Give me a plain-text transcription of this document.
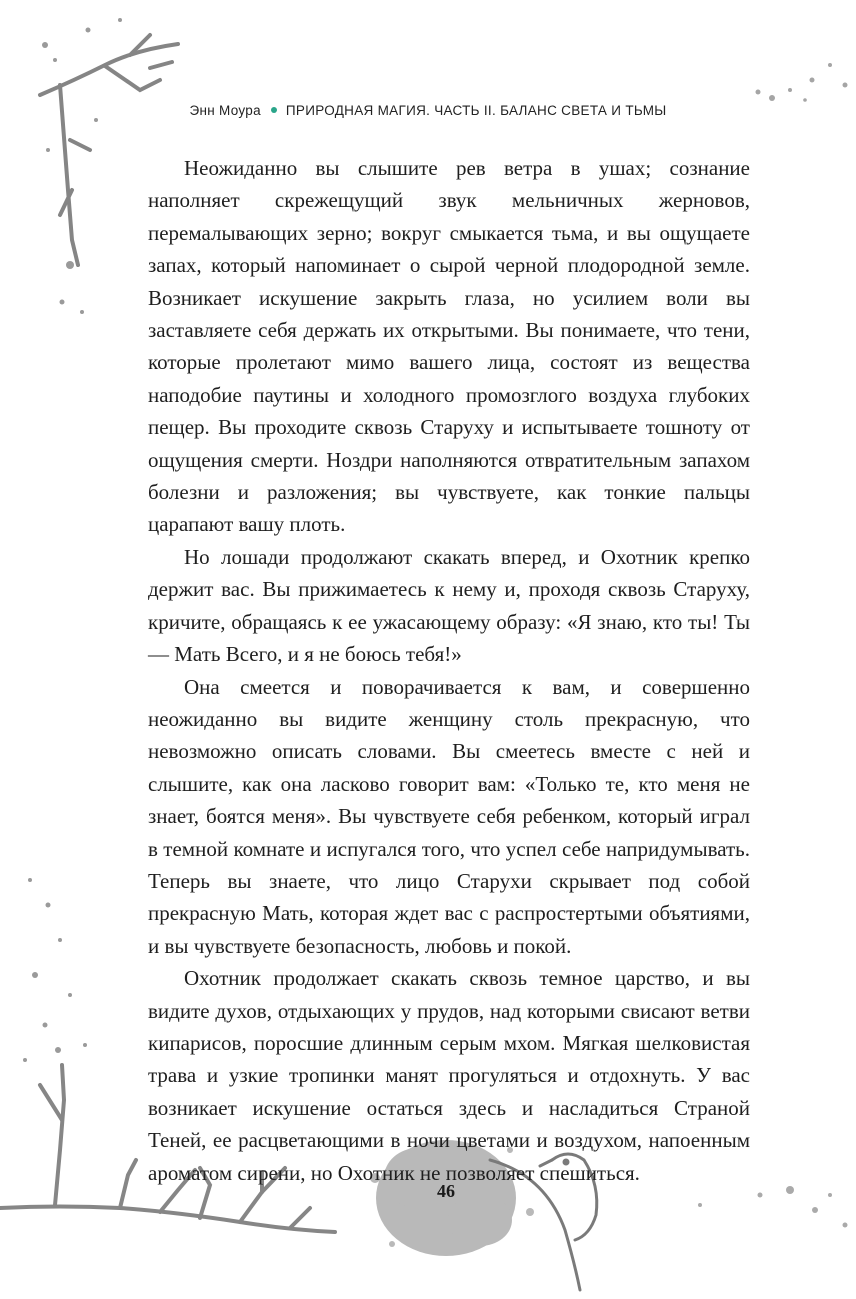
Энн Моура ПРИРОДНАЯ МАГИЯ. ЧАСТЬ II. БАЛАНС СВЕТА И ТЬМЫ

Неожиданно вы слышите рев ветра в ушах; сознание наполняет скрежещущий звук мельничных жерновов, перемалывающих зерно; вокруг смыкается тьма, и вы ощущаете запах, который напоминает о сырой черной плодородной земле. Возникает искушение закрыть глаза, но усилием воли вы заставляете себя держать их открытыми. Вы понимаете, что тени, которые пролетают мимо вашего лица, состоят из вещества наподобие паутины и холодного промозглого воздуха глубоких пещер. Вы проходите сквозь Старуху и испытываете тошноту от ощущения смерти. Ноздри наполняются отвратительным запахом болезни и разложения; вы чувствуете, как тонкие пальцы царапают вашу плоть.

Но лошади продолжают скакать вперед, и Охотник крепко держит вас. Вы прижимаетесь к нему и, проходя сквозь Старуху, кричите, обращаясь к ее ужасающему образу: «Я знаю, кто ты! Ты — Мать Всего, и я не боюсь тебя!»

Она смеется и поворачивается к вам, и совершенно неожиданно вы видите женщину столь прекрасную, что невозможно описать словами. Вы смеетесь вместе с ней и слышите, как она ласково говорит вам: «Только те, кто меня не знает, боятся меня». Вы чувствуете себя ребенком, который играл в темной комнате и испугался того, что успел себе напридумывать. Теперь вы знаете, что лицо Старухи скрывает под собой прекрасную Мать, которая ждет вас с распростертыми объятиями, и вы чувствуете безопасность, любовь и покой.

Охотник продолжает скакать сквозь темное царство, и вы видите духов, отдыхающих у прудов, над которыми свисают ветви кипарисов, поросшие длинным серым мхом. Мягкая шелковистая трава и узкие тропинки манят прогуляться и отдохнуть. У вас возникает искушение остаться здесь и насладиться Страной Теней, ее расцветающими в ночи цветами и воздухом, напоенным ароматом сирени, но Охотник не позволяет спешиться.

46
